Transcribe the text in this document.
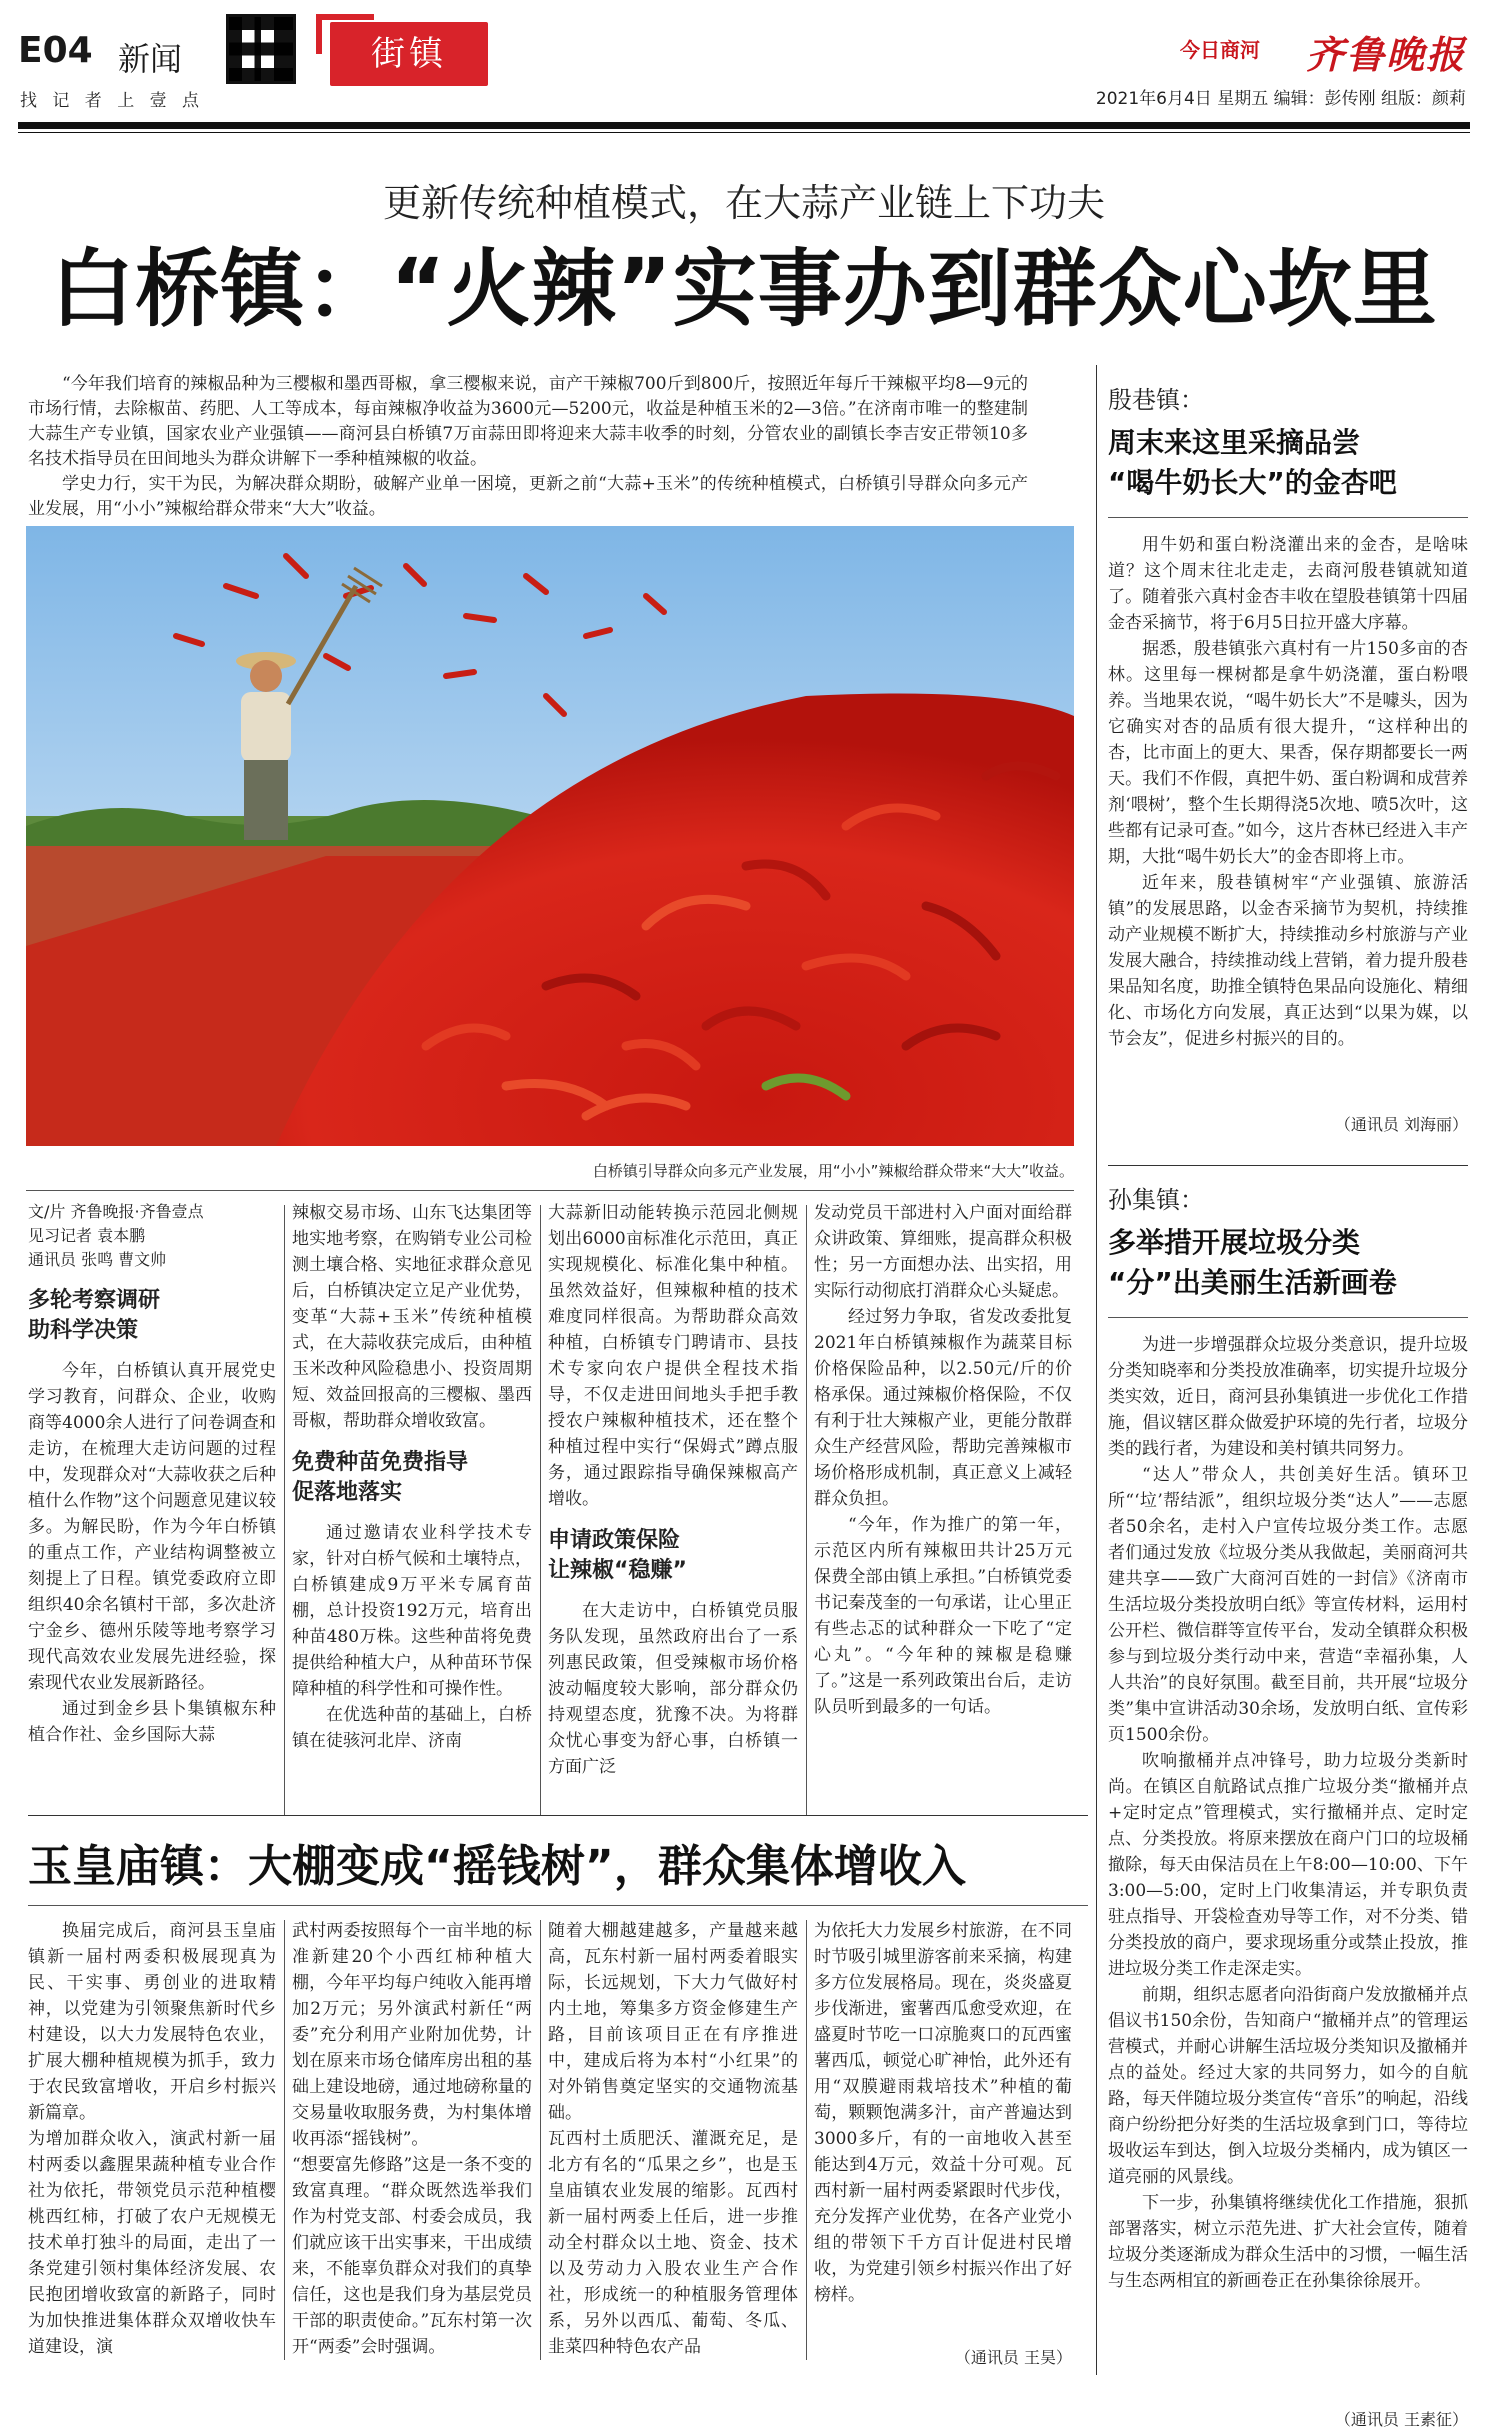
E04 新闻
找 记 者 上 壹 点
街镇	今日商河 齐鲁晚报
2021年6月4日 星期五 编辑：彭传刚 组版：颜莉
更新传统种植模式，在大蒜产业链上下功夫
白桥镇：“火辣”实事办到群众心坎里

“今年我们培育的辣椒品种为三樱椒和墨西哥椒，拿三樱椒来说，亩产干辣椒700斤到800斤，按照近年每斤干辣椒平均8—9元的市场行情，去除椒苗、药肥、人工等成本，每亩辣椒净收益为3600元—5200元，收益是种植玉米的2—3倍。”在济南市唯一的整建制大蒜生产专业镇，国家农业产业强镇——商河县白桥镇7万亩蒜田即将迎来大蒜丰收季的时刻，分管农业的副镇长李吉安正带领10多名技术指导员在田间地头为群众讲解下一季种植辣椒的收益。

学史力行，实干为民，为解决群众期盼，破解产业单一困境，更新之前“大蒜+玉米”的传统种植模式，白桥镇引导群众向多元产业发展，用“小小”辣椒给群众带来“大大”收益。

白桥镇引导群众向多元产业发展，用“小小”辣椒给群众带来“大大”收益。

文/片 齐鲁晚报·齐鲁壹点

见习记者 袁本鹏

通讯员 张鸣 曹文帅

多轮考察调研
助科学决策

今年，白桥镇认真开展党史学习教育，问群众、企业，收购商等4000余人进行了问卷调查和走访，在梳理大走访问题的过程中，发现群众对“大蒜收获之后种植什么作物”这个问题意见建议较多。为解民盼，作为今年白桥镇的重点工作，产业结构调整被立刻提上了日程。镇党委政府立即组织40余名镇村干部，多次赴济宁金乡、德州乐陵等地考察学习现代高效农业发展先进经验，探索现代农业发展新路径。

通过到金乡县卜集镇椒东种植合作社、金乡国际大蒜

辣椒交易市场、山东飞达集团等地实地考察，在购销专业公司检测土壤合格、实地征求群众意见后，白桥镇决定立足产业优势，变革“大蒜+玉米”传统种植模式，在大蒜收获完成后，由种植玉米改种风险稳患小、投资周期短、效益回报高的三樱椒、墨西哥椒，帮助群众增收致富。

免费种苗免费指导
促落地落实

通过邀请农业科学技术专家，针对白桥气候和土壤特点，白桥镇建成9万平米专属育苗棚，总计投资192万元，培育出种苗480万株。这些种苗将免费提供给种植大户，从种苗环节保障种植的科学性和可操作性。

在优选种苗的基础上，白桥镇在徒骇河北岸、济南

大蒜新旧动能转换示范园北侧规划出6000亩标准化示范田，真正实现规模化、标准化集中种植。虽然效益好，但辣椒种植的技术难度同样很高。为帮助群众高效种植，白桥镇专门聘请市、县技术专家向农户提供全程技术指导，不仅走进田间地头手把手教授农户辣椒种植技术，还在整个种植过程中实行“保姆式”蹲点服务，通过跟踪指导确保辣椒高产增收。

申请政策保险
让辣椒“稳赚”

在大走访中，白桥镇党员服务队发现，虽然政府出台了一系列惠民政策，但受辣椒市场价格波动幅度较大影响，部分群众仍持观望态度，犹豫不决。为将群众忧心事变为舒心事，白桥镇一方面广泛

发动党员干部进村入户面对面给群众讲政策、算细账，提高群众积极性；另一方面想办法、出实招，用实际行动彻底打消群众心头疑虑。

经过努力争取，省发改委批复2021年白桥镇辣椒作为蔬菜目标价格保险品种，以2.50元/斤的价格承保。通过辣椒价格保险，不仅有利于壮大辣椒产业，更能分散群众生产经营风险，帮助完善辣椒市场价格形成机制，真正意义上减轻群众负担。

“今年，作为推广的第一年，示范区内所有辣椒田共计25万元保费全部由镇上承担。”白桥镇党委书记秦茂奎的一句承诺，让心里正有些忐忑的试种群众一下吃了“定心丸”。“今年种的辣椒是稳赚了。”这是一系列政策出台后，走访队员听到最多的一句话。

殷巷镇：
周末来这里采摘品尝
“喝牛奶长大”的金杏吧

用牛奶和蛋白粉浇灌出来的金杏，是啥味道？这个周末往北走走，去商河殷巷镇就知道了。随着张六真村金杏丰收在望股巷镇第十四届金杏采摘节，将于6月5日拉开盛大序幕。

据悉，殷巷镇张六真村有一片150多亩的杏林。这里每一棵树都是拿牛奶浇灌，蛋白粉喂养。当地果农说，“喝牛奶长大”不是噱头，因为它确实对杏的品质有很大提升，“这样种出的杏，比市面上的更大、果香，保存期都要长一两天。我们不作假，真把牛奶、蛋白粉调和成营养剂‘喂树’，整个生长期得浇5次地、喷5次叶，这些都有记录可查。”如今，这片杏林已经进入丰产期，大批“喝牛奶长大”的金杏即将上市。

近年来，殷巷镇树牢“产业强镇、旅游活镇”的发展思路，以金杏采摘节为契机，持续推动产业规模不断扩大，持续推动乡村旅游与产业发展大融合，持续推动线上营销，着力提升殷巷果品知名度，助推全镇特色果品向设施化、精细化、市场化方向发展，真正达到“以果为媒，以节会友”，促进乡村振兴的目的。

（通讯员 刘海丽）
孙集镇：
多举措开展垃圾分类
“分”出美丽生活新画卷

为进一步增强群众垃圾分类意识，提升垃圾分类知晓率和分类投放准确率，切实提升垃圾分类实效，近日，商河县孙集镇进一步优化工作措施，倡议辖区群众做爱护环境的先行者，垃圾分类的践行者，为建设和美村镇共同努力。

“达人”带众人，共创美好生活。镇环卫所“‘垃’帮结派”，组织垃圾分类“达人”——志愿者50余名，走村入户宣传垃圾分类工作。志愿者们通过发放《垃圾分类从我做起，美丽商河共建共享——致广大商河百姓的一封信》《济南市生活垃圾分类投放明白纸》等宣传材料，运用村公开栏、微信群等宣传平台，发动全镇群众积极参与到垃圾分类行动中来，营造“幸福孙集，人人共治”的良好氛围。截至目前，共开展“垃圾分类”集中宣讲活动30余场，发放明白纸、宣传彩页1500余份。

吹响撤桶并点冲锋号，助力垃圾分类新时尚。在镇区自航路试点推广垃圾分类“撤桶并点+定时定点”管理模式，实行撤桶并点、定时定点、分类投放。将原来摆放在商户门口的垃圾桶撤除，每天由保洁员在上午8:00—10:00、下午3:00—5:00，定时上门收集清运，并专职负责驻点指导、开袋检查劝导等工作，对不分类、错分类投放的商户，要求现场重分或禁止投放，推进垃圾分类工作走深走实。

前期，组织志愿者向沿街商户发放撤桶并点倡议书150余份，告知商户“撤桶并点”的管理运营模式，并耐心讲解生活垃圾分类知识及撤桶并点的益处。经过大家的共同努力，如今的自航路，每天伴随垃圾分类宣传“音乐”的响起，沿线商户纷纷把分好类的生活垃圾拿到门口，等待垃圾收运车到达，倒入垃圾分类桶内，成为镇区一道亮丽的风景线。

下一步，孙集镇将继续优化工作措施，狠抓部署落实，树立示范先进、扩大社会宣传，随着垃圾分类逐渐成为群众生活中的习惯，一幅生活与生态两相宜的新画卷正在孙集徐徐展开。

（通讯员 王素征）
玉皇庙镇：大棚变成“摇钱树”，群众集体增收入
换届完成后，商河县玉皇庙镇新一届村两委积极展现真为民、干实事、勇创业的进取精神，以党建为引领聚焦新时代乡村建设，以大力发展特色农业，扩展大棚种植规模为抓手，致力于农民致富增收，开启乡村振兴新篇章。
为增加群众收入，演武村新一届村两委以鑫腥果蔬种植专业合作社为依托，带领党员示范种植樱桃西红柿，打破了农户无规模无技术单打独斗的局面，走出了一条党建引领村集体经济发展、农民抱团增收致富的新路子，同时为加快推进集体群众双增收快车道建设，演
武村两委按照每个一亩半地的标准新建20个小西红柿种植大棚，今年平均每户纯收入能再增加2万元；另外演武村新任“两委”充分利用产业附加优势，计划在原来市场仓储库房出租的基础上建设地磅，通过地磅称量的交易量收取服务费，为村集体增收再添“摇钱树”。
“想要富先修路”这是一条不变的致富真理。“群众既然选举我们作为村党支部、村委会成员，我们就应该干出实事来，干出成绩来，不能辜负群众对我们的真挚信任，这也是我们身为基层党员干部的职责使命。”瓦东村第一次开“两委”会时强调。
随着大棚越建越多，产量越来越高，瓦东村新一届村两委着眼实际，长远规划，下大力气做好村内土地，筹集多方资金修建生产路，目前该项目正在有序推进中，建成后将为本村“小红果”的对外销售奠定坚实的交通物流基础。
瓦西村土质肥沃、灌溉充足，是北方有名的“瓜果之乡”，也是玉皇庙镇农业发展的缩影。瓦西村新一届村两委上任后，进一步推动全村群众以土地、资金、技术以及劳动力入股农业生产合作社，形成统一的种植服务管理体系，另外以西瓜、葡萄、冬瓜、韭菜四种特色农产品
为依托大力发展乡村旅游，在不同时节吸引城里游客前来采摘，构建多方位发展格局。现在，炎炎盛夏步伐渐进，蜜薯西瓜愈受欢迎，在盛夏时节吃一口凉脆爽口的瓦西蜜薯西瓜，顿觉心旷神怡，此外还有用“双膜避雨栽培技术”种植的葡萄，颗颗饱满多汁，亩产普遍达到3000多斤，有的一亩地收入甚至能达到4万元，效益十分可观。瓦西村新一届村两委紧跟时代步伐，充分发挥产业优势，在各产业党小组的带领下千方百计促进村民增收，为党建引领乡村振兴作出了好榜样。
（通讯员 王昊）
